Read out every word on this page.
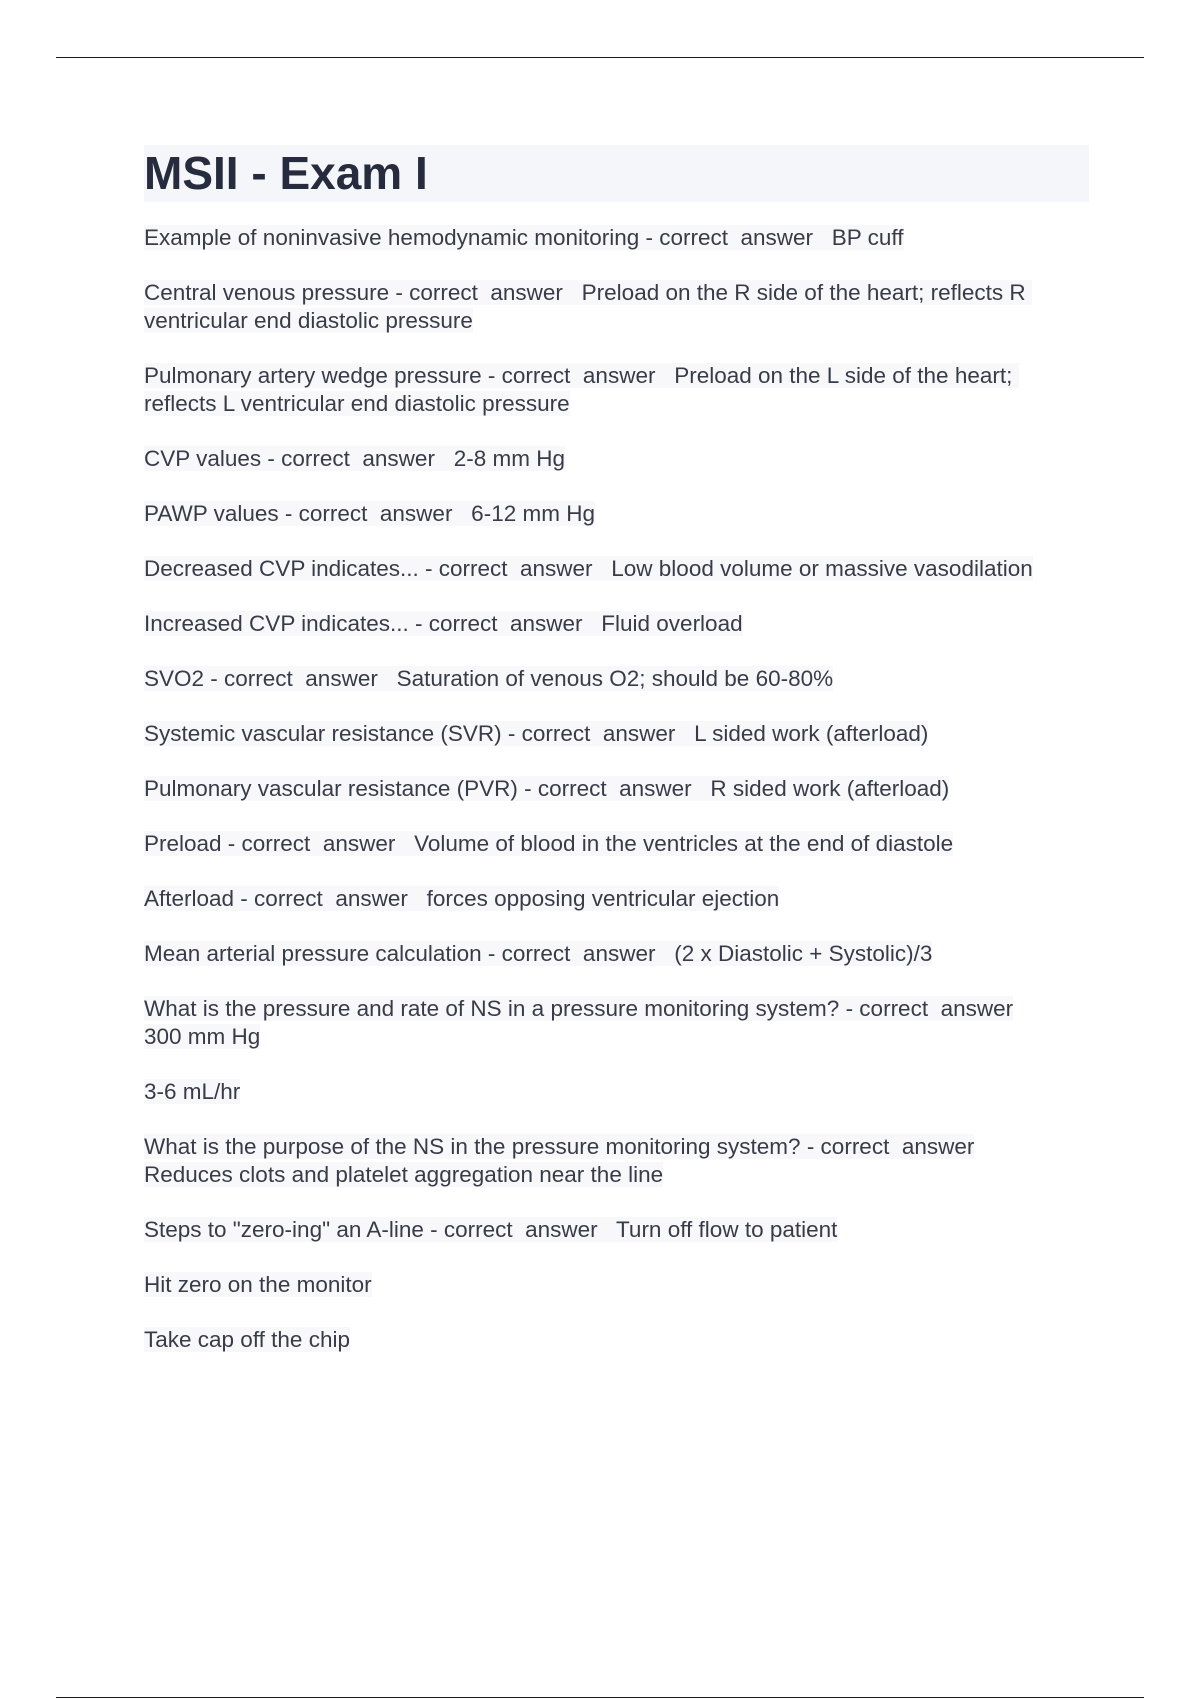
MSII - Exam I
Example of noninvasive hemodynamic monitoring - correct  answer   BP cuff
Central venous pressure - correct  answer   Preload on the R side of the heart; reflects R ventricular end diastolic pressure
Pulmonary artery wedge pressure - correct  answer   Preload on the L side of the heart; reflects L ventricular end diastolic pressure
CVP values - correct  answer   2-8 mm Hg
PAWP values - correct  answer   6-12 mm Hg
Decreased CVP indicates... - correct  answer   Low blood volume or massive vasodilation
Increased CVP indicates... - correct  answer   Fluid overload
SVO2 - correct  answer   Saturation of venous O2; should be 60-80%
Systemic vascular resistance (SVR) - correct  answer   L sided work (afterload)
Pulmonary vascular resistance (PVR) - correct  answer   R sided work (afterload)
Preload - correct  answer   Volume of blood in the ventricles at the end of diastole
Afterload - correct  answer   forces opposing ventricular ejection
Mean arterial pressure calculation - correct  answer   (2 x Diastolic + Systolic)/3
What is the pressure and rate of NS in a pressure monitoring system? - correct  answer
300 mm Hg
3-6 mL/hr
What is the purpose of the NS in the pressure monitoring system? - correct  answer
Reduces clots and platelet aggregation near the line
Steps to "zero-ing" an A-line - correct  answer   Turn off flow to patient
Hit zero on the monitor
Take cap off the chip
